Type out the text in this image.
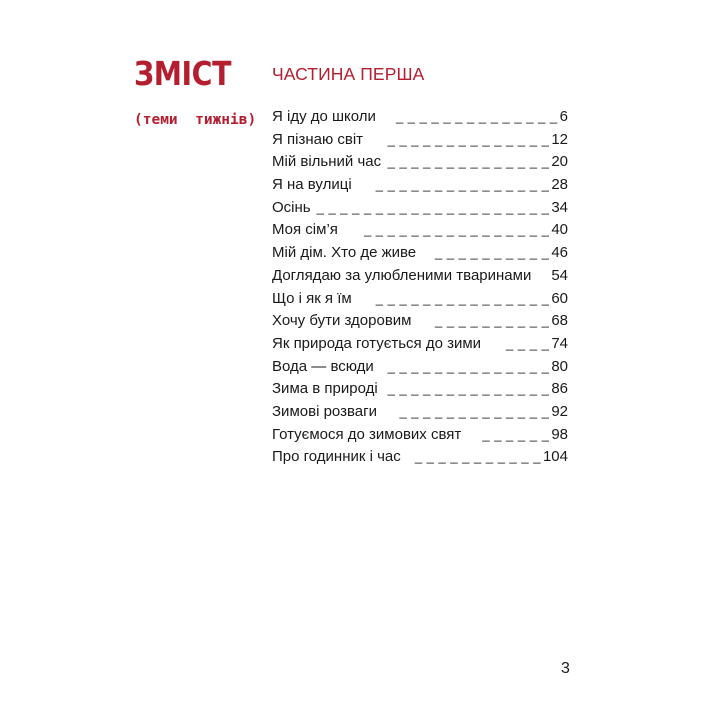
ЗМІСТ
(теми  тижнів)
ЧАСТИНА ПЕРША
Я іду до школи	_ _ _ _ _ _ _ _ _ _ _ _ _ _ 6
Я пізнаю світ	_ _ _ _ _ _ _ _ _ _ _ _ _ _ 12
Мій вільний час _ _ _ _ _ _ _ _ _ _ _ _ _ _ 20
Я на вулиці	_ _ _ _ _ _ _ _ _ _ _ _ _ _ _ 28
Осінь _ _ _ _ _ _ _ _ _ _ _ _ _ _ _ _ _ _ _ _ 34
Моя сім’я	_ _ _ _ _ _ _ _ _ _ _ _ _ _ _ _ 40
Мій дім. Хто де живе	_ _ _ _ _ _ _ _ _ _ 46
Доглядаю за улюбленими тваринами 54
Що і як я їм	_ _ _ _ _ _ _ _ _ _ _ _ _ _ _ 60
Хочу бути здоровим	_ _ _ _ _ _ _ _ _ _ 68
Як природа готується до зими	_ _ _ _ 74
Вода — всюди	_ _ _ _ _ _ _ _ _ _ _ _ _ _ 80
Зима в природі _ _ _ _ _ _ _ _ _ _ _ _ _ _ 86
Зимові розваги	_ _ _ _ _ _ _ _ _ _ _ _ _ 92
Готуємося до зимових свят	_ _ _ _ _ _ 98
Про годинник і час	_ _ _ _ _ _ _ _ _ _ _ 104
3
